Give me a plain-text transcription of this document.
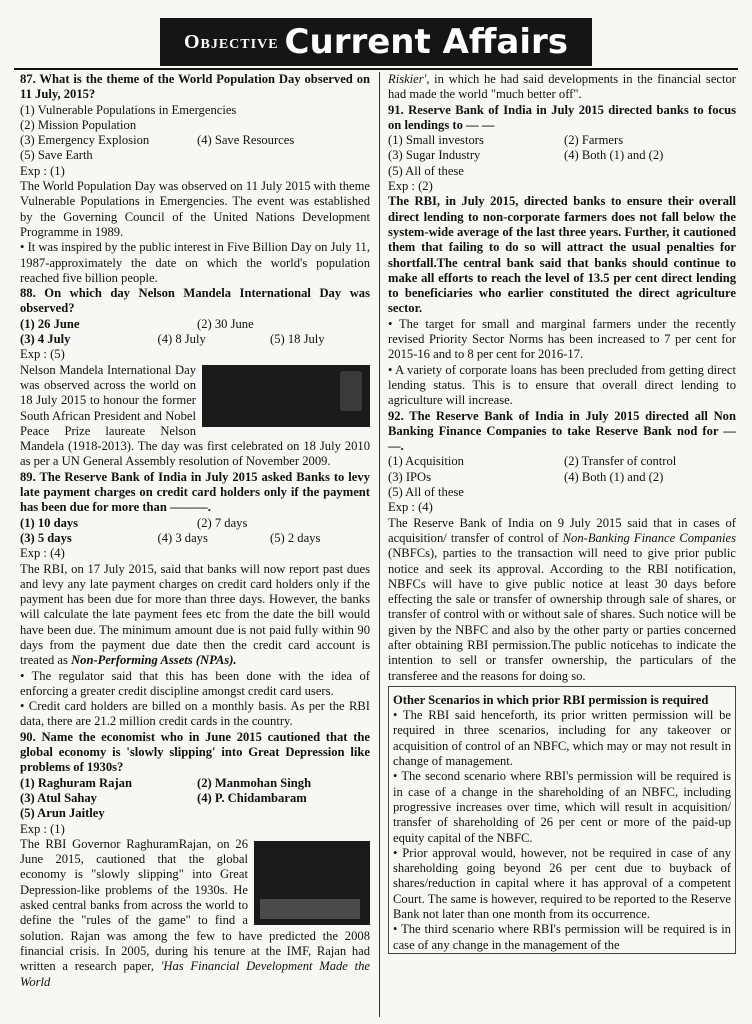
Objective Current Affairs

87. What is the theme of the World Population Day observed on 11 July, 2015?

(1) Vulnerable Populations in Emergencies

(2) Mission Population

(3) Emergency Explosion	(4) Save Resources

(5) Save Earth

Exp : (1)

The World Population Day was observed on 11 July 2015 with theme Vulnerable Populations in Emergencies. The event was established by the Governing Council of the United Nations Development Programme in 1989.

• It was inspired by the public interest in Five Billion Day on July 11, 1987-approximately the date on which the world's population reached five billion people.

88. On which day Nelson Mandela International Day was observed?

(1) 26 June	(2) 30 June
(3) 4 July	(4) 8 July	(5) 18 July

Exp : (5)

Nelson Mandela International Day was observed across the world on 18 July 2015 to honour the former South African President and Nobel Peace Prize laureate Nelson Mandela (1918-2013). The day was first celebrated on 18 July 2010 as per a UN General Assembly resolution of November 2009.

89. The Reserve Bank of India in July 2015 asked Banks to levy late payment charges on credit card holders only if the payment has been due for more than ———.

(1) 10 days	(2) 7 days
(3) 5 days	(4) 3 days	(5) 2 days

Exp : (4)

The RBI, on 17 July 2015, said that banks will now report past dues and levy any late payment charges on credit card holders only if the payment has been due for more than three days. However, the banks will calculate the late payment fees etc from the date the bill would have been due. The minimum amount due is not paid fully within 90 days from the payment due date then the credit card account is treated as Non-Performing Assets (NPAs).

• The regulator said that this has been done with the idea of enforcing a greater credit discipline amongst credit card users.

• Credit card holders are billed on a monthly basis. As per the RBI data, there are 21.2 million credit cards in the country.

90. Name the economist who in June 2015 cautioned that the global economy is 'slowly slipping' into Great Depression like problems of 1930s?

(1) Raghuram Rajan	(2) Manmohan Singh
(3) Atul Sahay	(4) P. Chidambaram

(5) Arun Jaitley

Exp : (1)

The RBI Governor RaghuramRajan, on 26 June 2015, cautioned that the global economy is "slowly slipping" into Great Depression-like problems of the 1930s. He asked central banks from across the world to define the "rules of the game" to find a solution. Rajan was among the few to have predicted the 2008 financial crisis. In 2005, during his tenure at the IMF, Rajan had written a research paper, 'Has Financial Development Made the World

Riskier', in which he had said developments in the financial sector had made the world "much better off".

91. Reserve Bank of India in July 2015 directed banks to focus on lendings to — —

(1) Small investors	(2) Farmers
(3) Sugar Industry	(4) Both (1) and (2)

(5) All of these

Exp : (2)

The RBI, in July 2015, directed banks to ensure their overall direct lending to non-corporate farmers does not fall below the system-wide average of the last three years. Further, it cautioned them that failing to do so will attract the usual penalties for shortfall.The central bank said that banks should continue to make all efforts to reach the level of 13.5 per cent direct lending to beneficiaries who earlier constituted the direct agriculture sector.

• The target for small and marginal farmers under the recently revised Priority Sector Norms has been increased to 7 per cent for 2015-16 and to 8 per cent for 2016-17.

• A variety of corporate loans has been precluded from getting direct lending status. This is to ensure that overall direct lending to agriculture will increase.

92. The Reserve Bank of India in July 2015 directed all Non Banking Finance Companies to take Reserve Bank nod for — —.

(1) Acquisition	(2) Transfer of control
(3) IPOs	(4) Both (1) and (2)

(5) All of these

Exp : (4)

The Reserve Bank of India on 9 July 2015 said that in cases of acquisition/ transfer of control of Non-Banking Finance Companies (NBFCs), parties to the transaction will need to give prior public notice and seek its approval. According to the RBI notification, NBFCs will have to give public notice at least 30 days before effecting the sale or transfer of ownership through sale of shares, or transfer of control with or without sale of shares. Such notice will be given by the NBFC and also by the other party or parties concerned after obtaining RBI permission.The public noticehas to indicate the intention to sell or transfer ownership, the particulars of the transferee and the reasons for doing so.

Other Scenarios in which prior RBI permission is required

• The RBI said henceforth, its prior written permission will be required in three scenarios, including for any takeover or acquisition of control of an NBFC, which may or may not result in change of management.

• The second scenario where RBI's permission will be required is in case of a change in the shareholding of an NBFC, including progressive increases over time, which will result in acquisition/ transfer of shareholding of 26 per cent or more of the paid-up equity capital of the NBFC.

• Prior approval would, however, not be required in case of any shareholding going beyond 26 per cent due to buyback of shares/reduction in capital where it has approval of a competent Court. The same is however, required to be reported to the Reserve Bank not later than one month from its occurrence.

• The third scenario where RBI's permission will be required is in case of any change in the management of the
